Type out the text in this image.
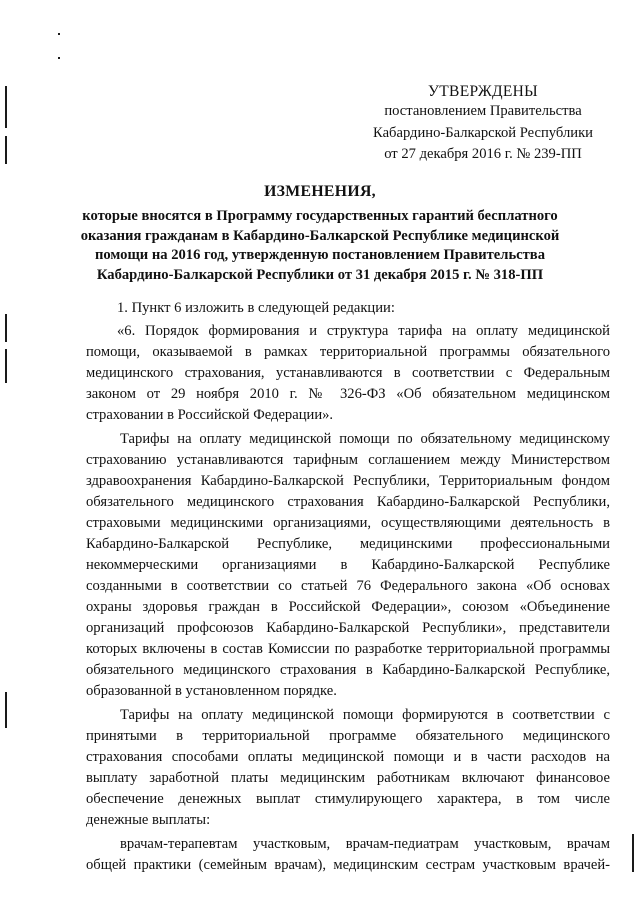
УТВЕРЖДЕНЫ
постановлением Правительства
Кабардино-Балкарской Республики
от 27 декабря 2016 г. № 239-ПП
ИЗМЕНЕНИЯ,
которые вносятся в Программу государственных гарантий бесплатного
оказания гражданам в Кабардино-Балкарской Республике медицинской
помощи на 2016 год, утвержденную постановлением Правительства
Кабардино-Балкарской Республики от 31 декабря 2015 г. № 318-ПП
1. Пункт 6 изложить в следующей редакции:
«6. Порядок формирования и структура тарифа на оплату медицинской
помощи, оказываемой в рамках территориальной программы обязательного
медицинского страхования, устанавливаются в соответствии с Федеральным
законом от 29 ноября 2010 г. № 326-ФЗ «Об обязательном медицинском
страховании в Российской Федерации».
Тарифы на оплату медицинской помощи по обязательному медицинскому
страхованию устанавливаются тарифным соглашением между Министерством
здравоохранения Кабардино-Балкарской Республики, Территориальным фондом
обязательного медицинского страхования Кабардино-Балкарской Республики,
страховыми медицинскими организациями, осуществляющими деятельность в
Кабардино-Балкарской Республике, медицинскими профессиональными
некоммерческими организациями в Кабардино-Балкарской Республике
созданными в соответствии со статьей 76 Федерального закона «Об основах
охраны здоровья граждан в Российской Федерации», союзом «Объединение
организаций профсоюзов Кабардино-Балкарской Республики», представители
которых включены в состав Комиссии по разработке территориальной программы
обязательного медицинского страхования в Кабардино-Балкарской Республике,
образованной в установленном порядке.
Тарифы на оплату медицинской помощи формируются в соответствии с
принятыми в территориальной программе обязательного медицинского
страхования способами оплаты медицинской помощи и в части расходов на
выплату заработной платы медицинским работникам включают финансовое
обеспечение денежных выплат стимулирующего характера, в том числе
денежные выплаты:
врачам-терапевтам участковым, врачам-педиатрам участковым, врачам
общей практики (семейным врачам), медицинским сестрам участковым врачей-
